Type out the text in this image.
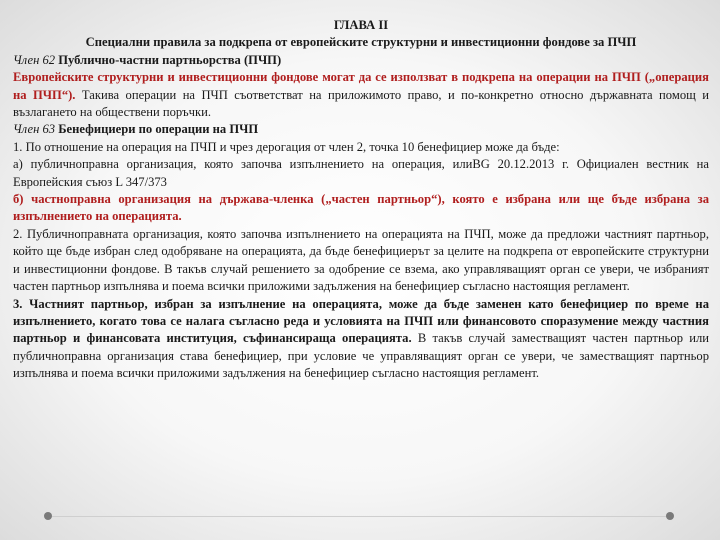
ГЛАВА II

Специални правила за подкрепа от европейските структурни и инвестиционни фондове за ПЧП

Член 62 Публично-частни партньорства (ПЧП)

Европейските структурни и инвестиционни фондове могат да се използват в подкрепа на операции на ПЧП („операция на ПЧП“). Такива операции на ПЧП съответстват на приложимото право, и по-конкретно относно държавната помощ и възлагането на обществени поръчки.

Член 63 Бенефициери по операции на ПЧП

1. По отношение на операция на ПЧП и чрез дерогация от член 2, точка 10 бенефициер може да бъде:

а) публичноправна организация, която започва изпълнението на операция, илиBG 20.12.2013 г. Официален вестник на Европейския съюз L 347/373

б) частноправна организация на държава-членка („частен партньор“), която е избрана или ще бъде избрана за изпълнението на операцията.

2. Публичноправната организация, която започва изпълнението на операцията на ПЧП, може да предложи частният партньор, който ще бъде избран след одобряване на операцията, да бъде бенефициерът за целите на подкрепа от европейските структурни и инвестиционни фондове. В такъв случай решението за одобрение се взема, ако управляващият орган се увери, че избраният частен партньор изпълнява и поема всички приложими задължения на бенефициер съгласно настоящия регламент.

3. Частният партньор, избран за изпълнение на операцията, може да бъде заменен като бенефициер по време на изпълнението, когато това се налага съгласно реда и условията на ПЧП или финансовото споразумение между частния партньор и финансовата институция, съфинансираща операцията. В такъв случай заместващият частен партньор или публичноправна организация става бенефициер, при условие че управляващият орган се увери, че заместващият партньор изпълнява и поема всички приложими задължения на бенефициер съгласно настоящия регламент.
